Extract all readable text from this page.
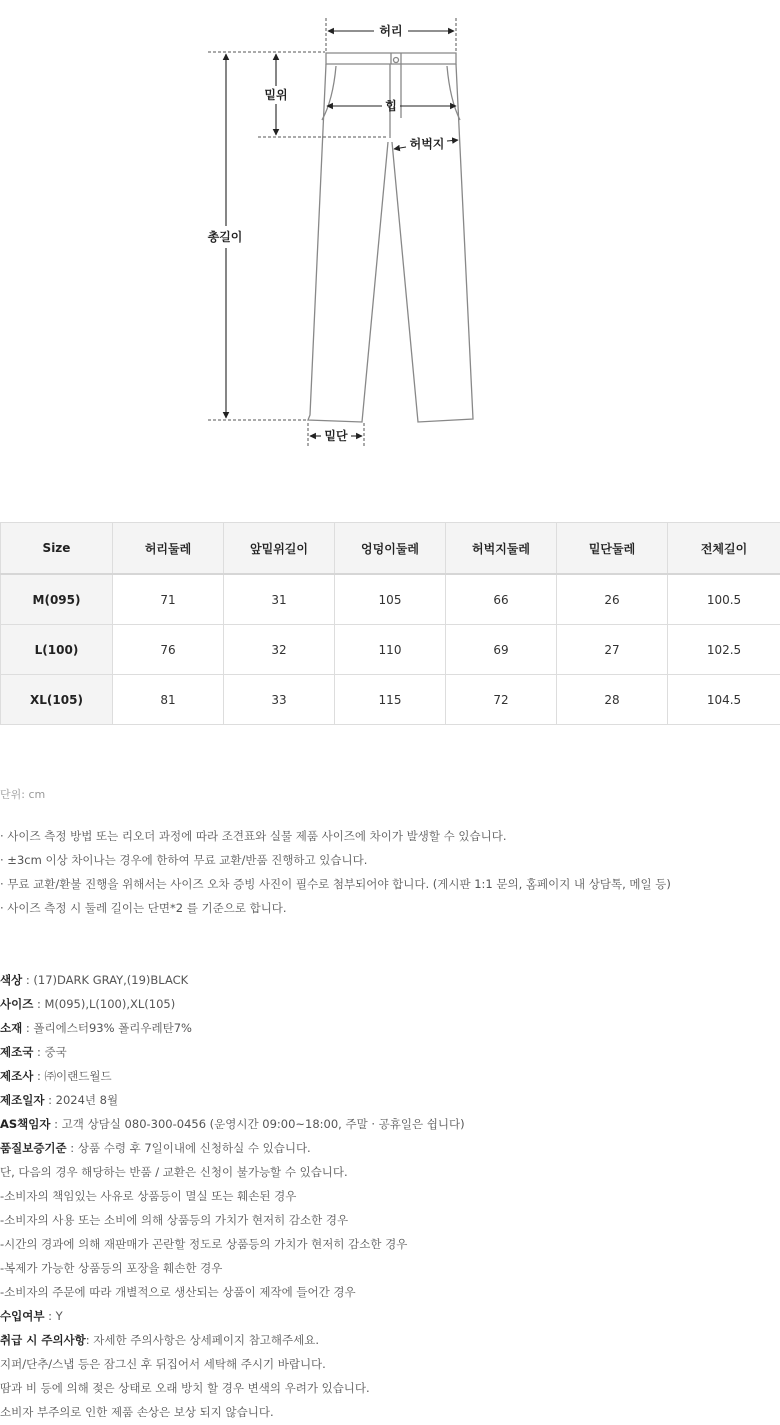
허리
밑위
힙
허벅지
총길이
밑단
Size	허리둘레	앞밑위길이	엉덩이둘레	허벅지둘레	밑단둘레	전체길이
M(095)	71	31	105	66	26	100.5
L(100)	76	32	110	69	27	102.5
XL(105)	81	33	115	72	28	104.5
단위: cm
· 사이즈 측정 방법 또는 리오더 과정에 따라 조견표와 실물 제품 사이즈에 차이가 발생할 수 있습니다.
· ±3cm 이상 차이나는 경우에 한하여 무료 교환/반품 진행하고 있습니다.
· 무료 교환/환불 진행을 위해서는 사이즈 오차 증빙 사진이 필수로 첨부되어야 합니다. (게시판 1:1 문의, 홈페이지 내 상담톡, 메일 등)
· 사이즈 측정 시 둘레 길이는 단면*2 를 기준으로 합니다.
색상 : (17)DARK GRAY,(19)BLACK
사이즈 : M(095),L(100),XL(105)
소재 : 폴리에스터93% 폴리우레탄7%
제조국 : 중국
제조사 : ㈜이랜드월드
제조일자 : 2024년 8월
AS책임자 : 고객 상담실 080-300-0456 (운영시간 09:00~18:00, 주말 · 공휴일은 쉽니다)
품질보증기준 : 상품 수령 후 7일이내에 신청하실 수 있습니다.
단, 다음의 경우 해당하는 반품 / 교환은 신청이 불가능할 수 있습니다.
-소비자의 책임있는 사유로 상품등이 멸실 또는 훼손된 경우
-소비자의 사용 또는 소비에 의해 상품등의 가치가 현저히 감소한 경우
-시간의 경과에 의해 재판매가 곤란할 정도로 상품등의 가치가 현저히 감소한 경우
-복제가 가능한 상품등의 포장을 훼손한 경우
-소비자의 주문에 따라 개별적으로 생산되는 상품이 제작에 들어간 경우
수입여부 : Y
취급 시 주의사항: 자세한 주의사항은 상세페이지 참고해주세요.
지퍼/단추/스냅 등은 잠그신 후 뒤집어서 세탁해 주시기 바랍니다.
땀과 비 등에 의해 젖은 상태로 오래 방치 할 경우 변색의 우려가 있습니다.
소비자 부주의로 인한 제품 손상은 보상 되지 않습니다.
